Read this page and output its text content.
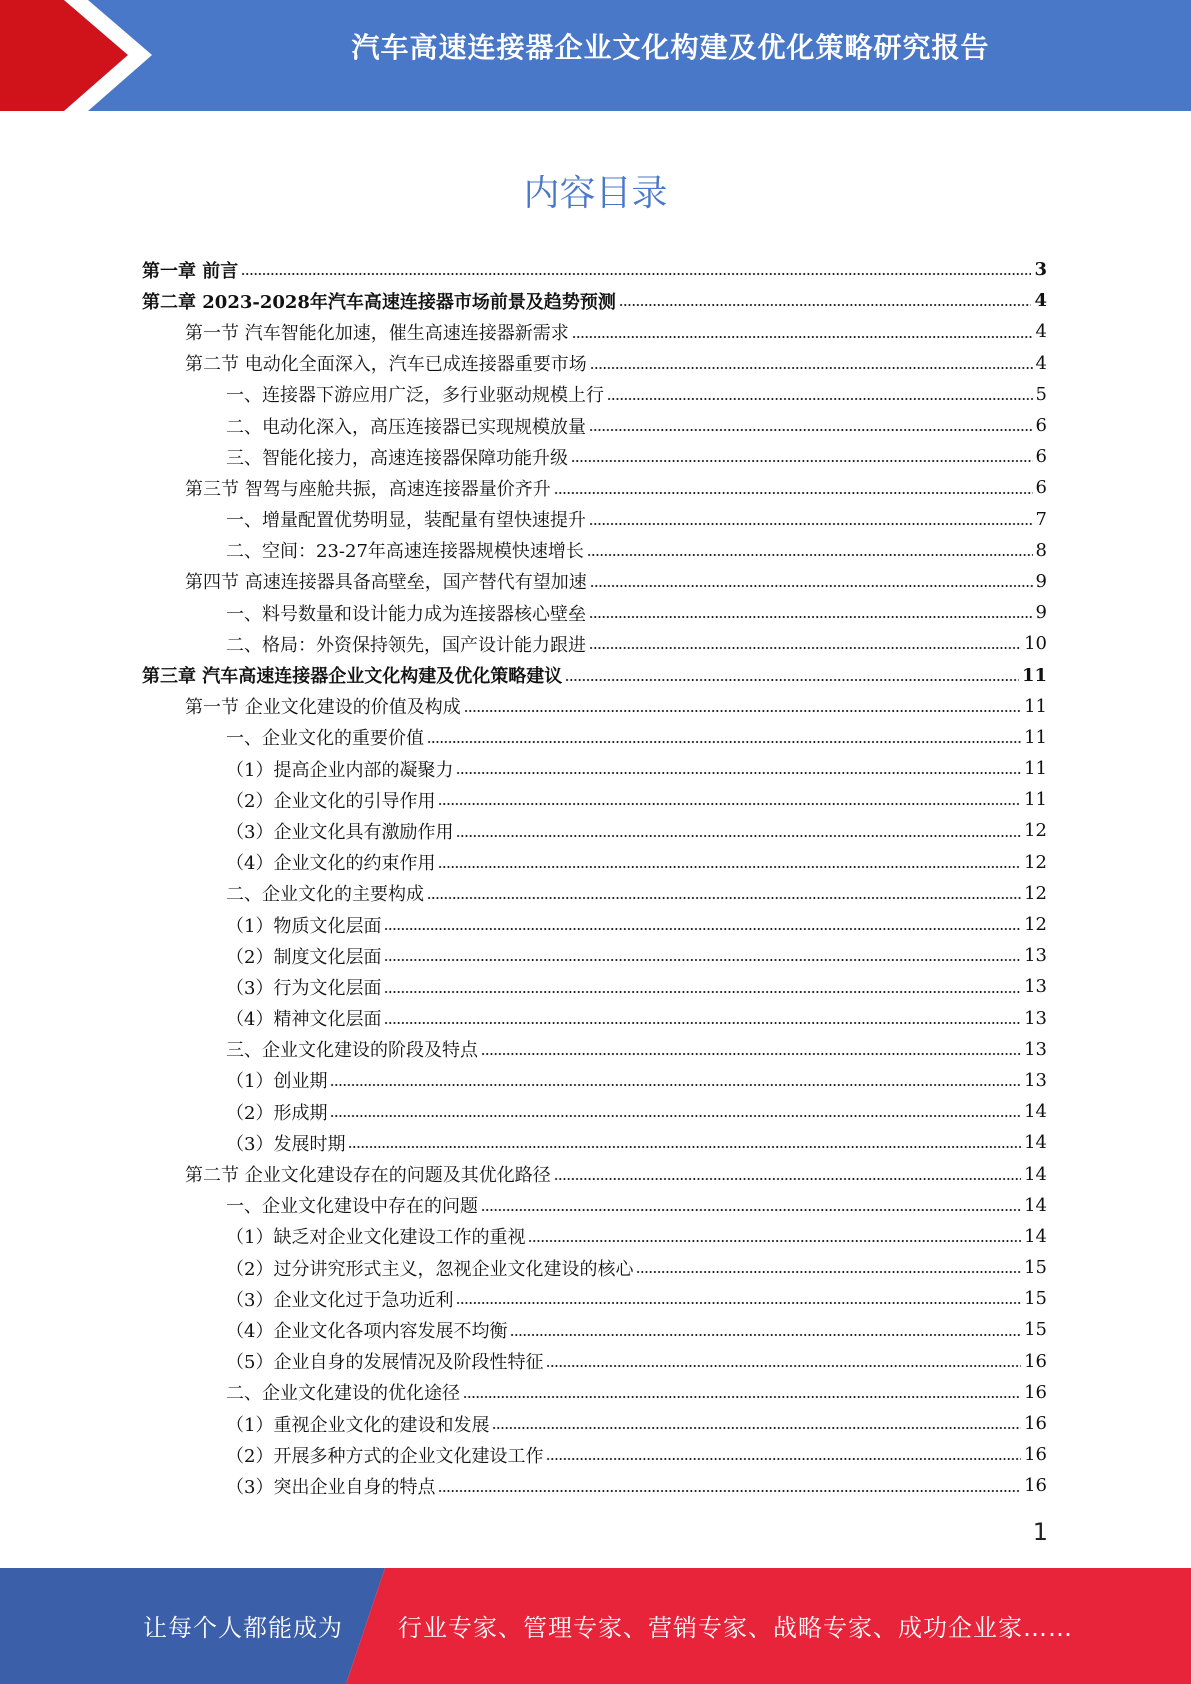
汽车高速连接器企业文化构建及优化策略研究报告
内容目录
第一章 前言	3
第二章 2023-2028年汽车高速连接器市场前景及趋势预测	4
第一节 汽车智能化加速，催生高速连接器新需求	4
第二节 电动化全面深入，汽车已成连接器重要市场	4
一、连接器下游应用广泛，多行业驱动规模上行	5
二、电动化深入，高压连接器已实现规模放量	6
三、智能化接力，高速连接器保障功能升级	6
第三节 智驾与座舱共振，高速连接器量价齐升	6
一、增量配置优势明显，装配量有望快速提升	7
二、空间：23-27年高速连接器规模快速增长	8
第四节 高速连接器具备高壁垒，国产替代有望加速	9
一、料号数量和设计能力成为连接器核心壁垒	9
二、格局：外资保持领先，国产设计能力跟进	10
第三章 汽车高速连接器企业文化构建及优化策略建议	11
第一节 企业文化建设的价值及构成	11
一、企业文化的重要价值	11
（1）提高企业内部的凝聚力	11
（2）企业文化的引导作用	11
（3）企业文化具有激励作用	12
（4）企业文化的约束作用	12
二、企业文化的主要构成	12
（1）物质文化层面	12
（2）制度文化层面	13
（3）行为文化层面	13
（4）精神文化层面	13
三、企业文化建设的阶段及特点	13
（1）创业期	13
（2）形成期	14
（3）发展时期	14
第二节 企业文化建设存在的问题及其优化路径	14
一、企业文化建设中存在的问题	14
（1）缺乏对企业文化建设工作的重视	14
（2）过分讲究形式主义，忽视企业文化建设的核心	15
（3）企业文化过于急功近利	15
（4）企业文化各项内容发展不均衡	15
（5）企业自身的发展情况及阶段性特征	16
二、企业文化建设的优化途径	16
（1）重视企业文化的建设和发展	16
（2）开展多种方式的企业文化建设工作	16
（3）突出企业自身的特点	16
1
让每个人都能成为 行业专家、管理专家、营销专家、战略专家、成功企业家……
